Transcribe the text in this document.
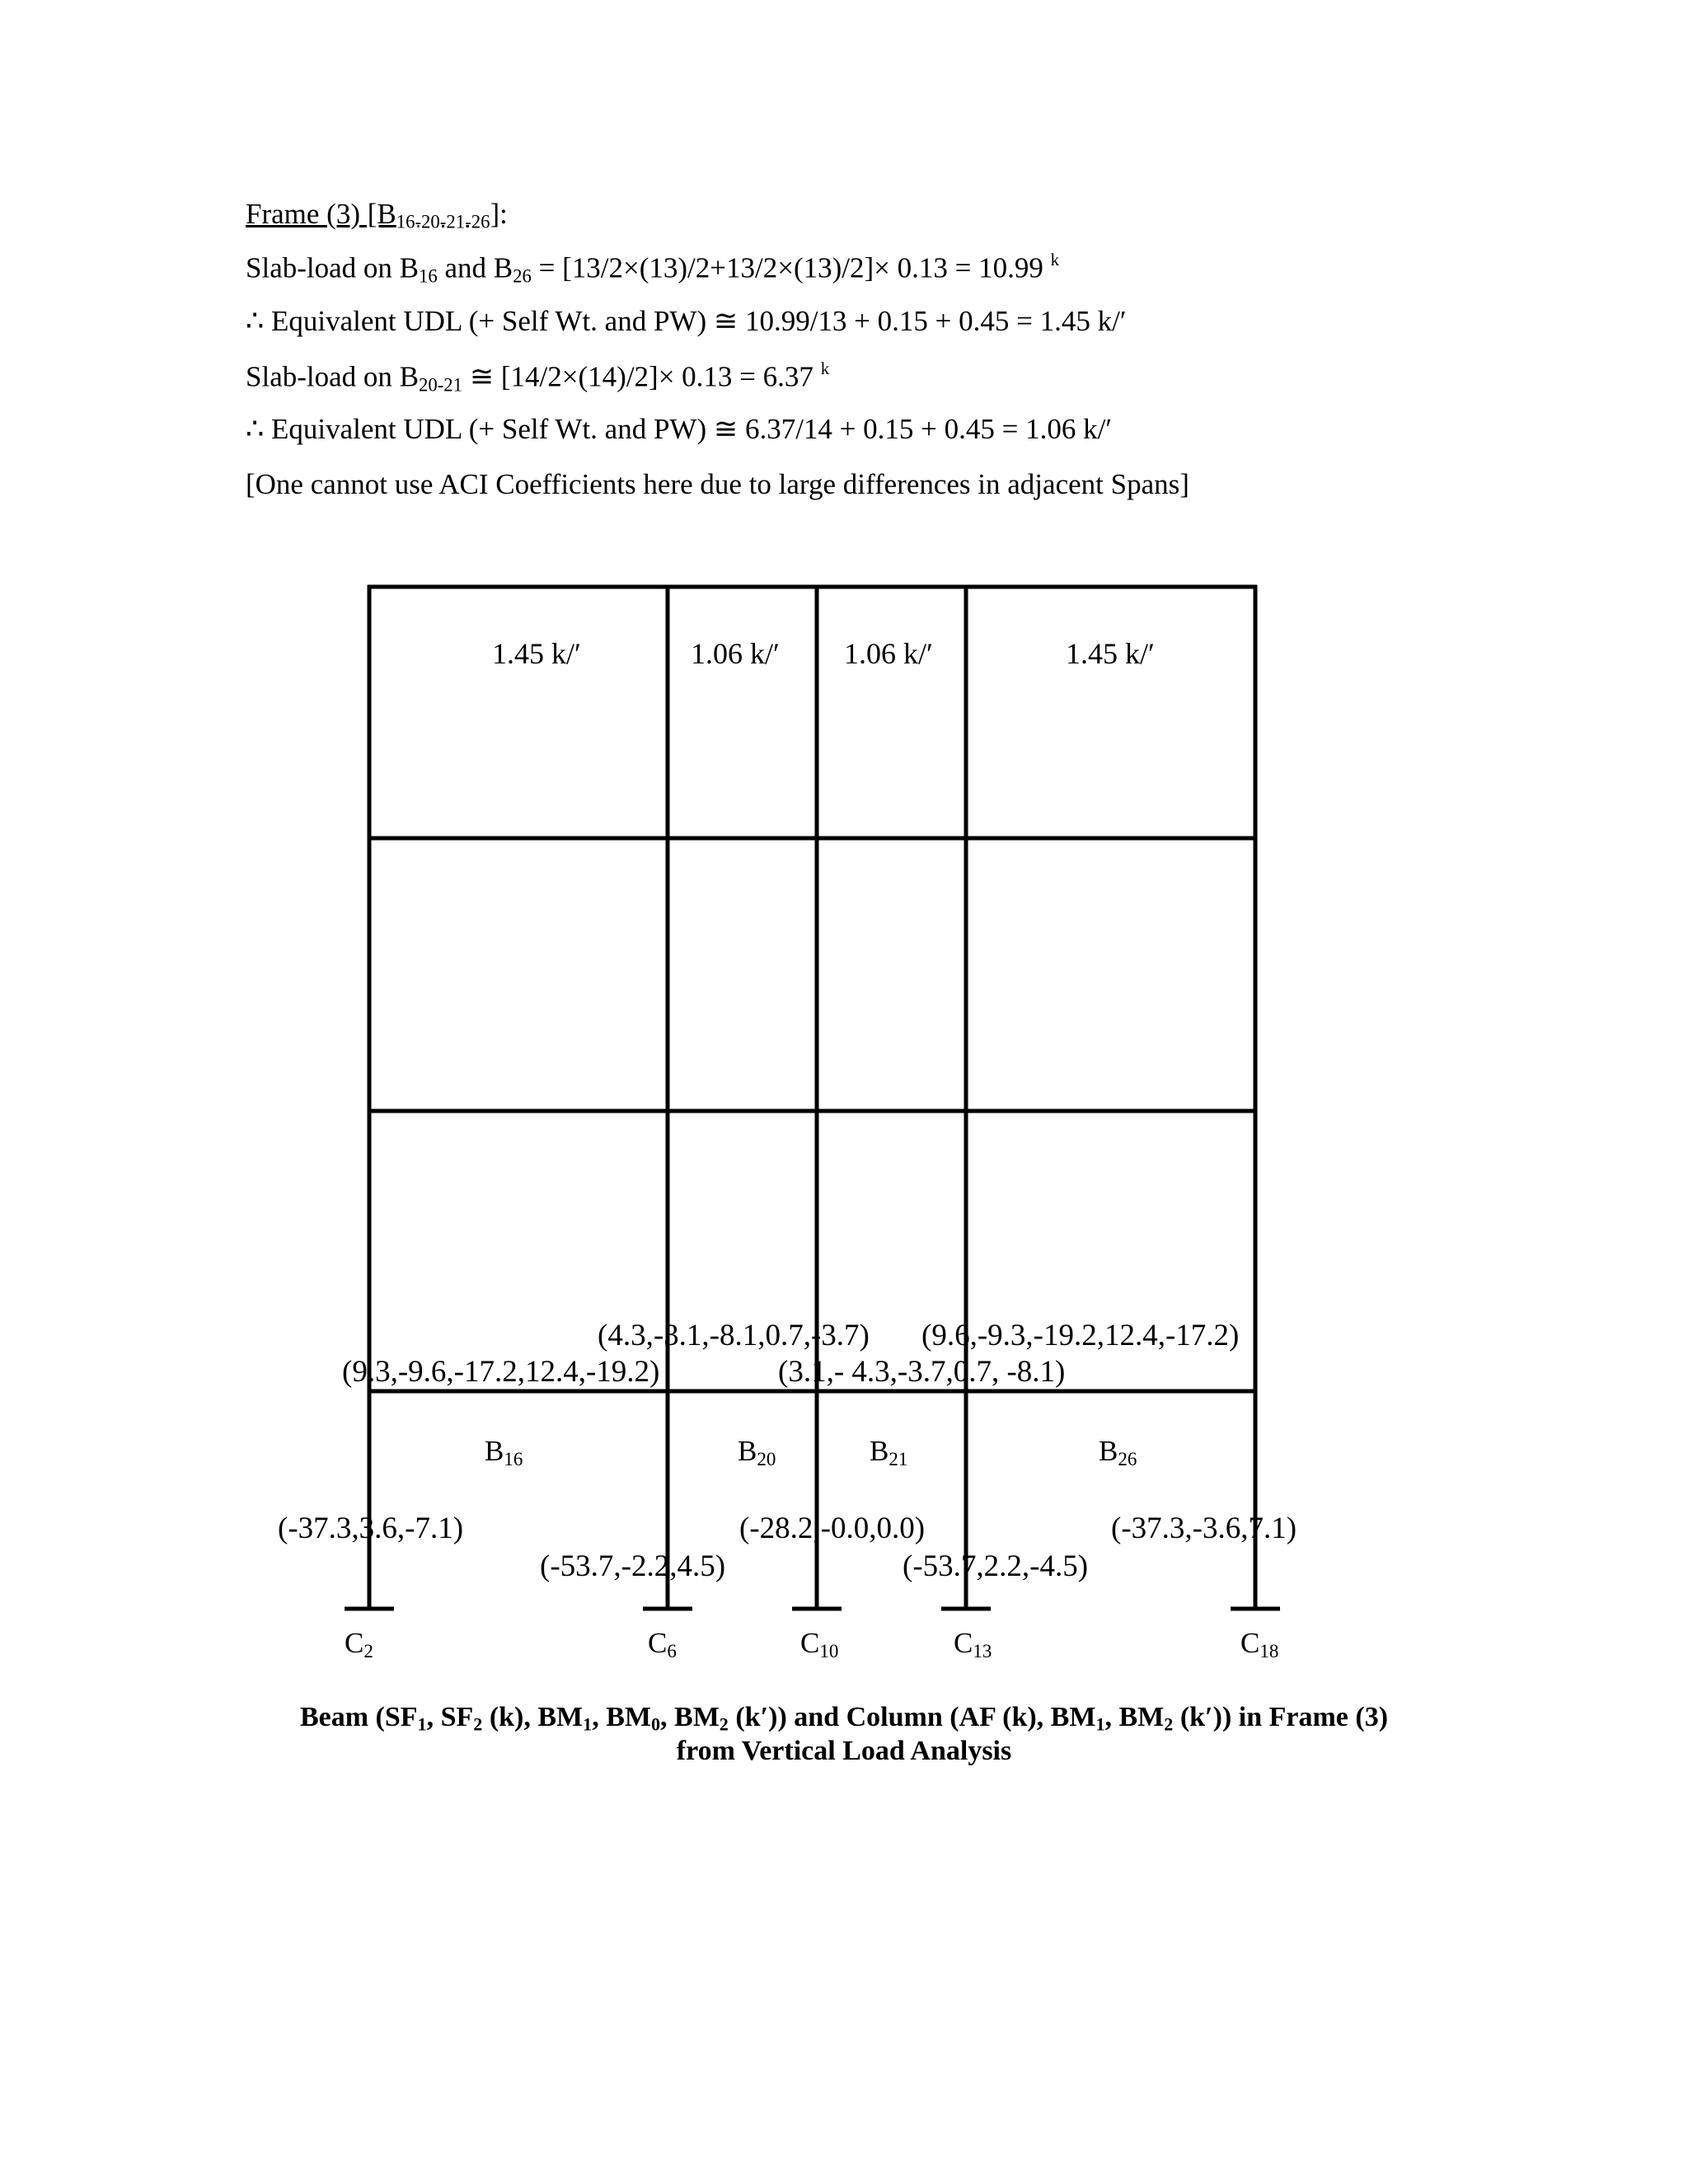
Frame (3) $[B_{16-20-21-26}]$:
Slab-load on $B_{16}$ and $B_{26} = [13/2\times(13)/2+13/2\times(13)/2]\times 0.13 = 10.99$ $^k$
∴ Equivalent UDL (+ Self Wt. and PW) ≅ 10.99/13 + 0.15 + 0.45 = 1.45 k/′
Slab-load on $B_{20-21}$ ≅ [14/2×(14)/2]× 0.13 = 6.37 $^k$
∴ Equivalent UDL (+ Self Wt. and PW) ≅ 6.37/14 + 0.15 + 0.45 = 1.06 k/′
[One cannot use ACI Coefficients here due to large differences in adjacent Spans]
1.45 k/′	1.06 k/′ 1.06 k/′	1.45 k/′
(4.3,-3.1,-8.1,0.7,-3.7) (9.6,-9.3,-19.2,12.4,-17.2)
(9.3,-9.6,-17.2,12.4,-19.2)	(3.1,- 4.3,-3.7,0.7, -8.1)
B16	B20	B21	B26
(-37.3,3.6,-7.1)	(-28.2,-0.0,0.0)	(-37.3,-3.6,7.1)
(-53.7,-2.2,4.5)	(-53.7,2.2,-4.5)
C2	C6	C10	C13	C18
Beam ($SF_1$, $SF_2$ (k), $BM_1$, $BM_0$, $BM_2$ (k′)) and Column (AF (k), $BM_1$, $BM_2$ (k′)) in Frame (3)
from Vertical Load Analysis
